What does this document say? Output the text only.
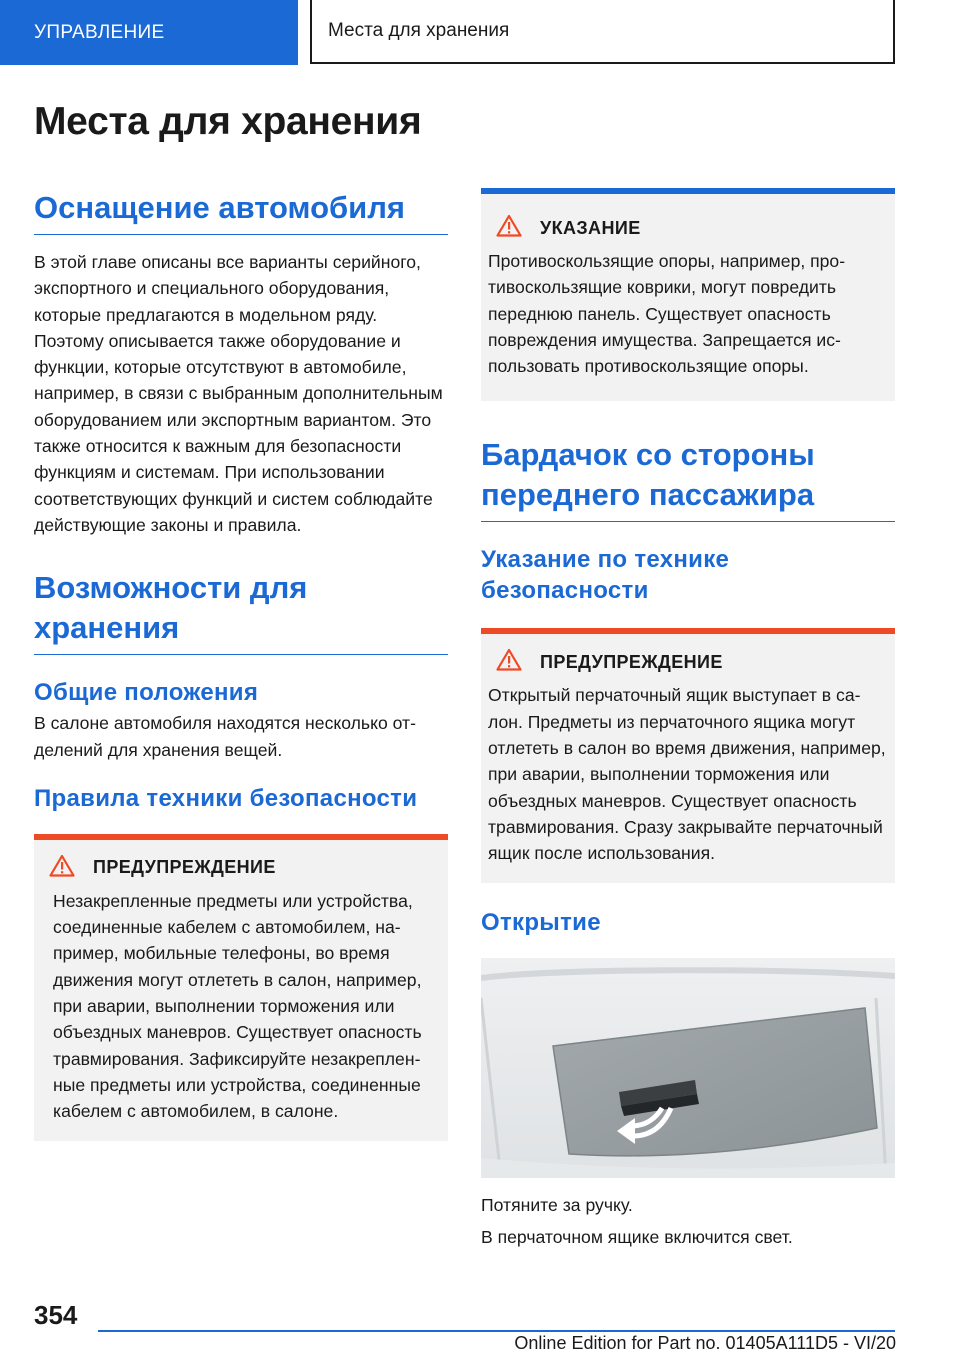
УПРАВЛЕНИЕ	Места для хранения
Места для хранения
Оснащение автомобиля

В этой главе описаны все варианты серийного, экспортного и специального оборудования, которые предлагаются в модельном ряду. Поэтому описывается также оборудование и функции, которые отсутствуют в автомобиле, например, в связи с выбранным дополнительным оборудованием или экспортным вариантом. Это также относится к важным для безопасности функциям и системам. При использовании соответствующих функций и систем соблюдайте действующие законы и правила.

Возможности для хранения
Общие положения

В салоне автомобиля находятся несколько отделений для хранения вещей.

Правила техники безопасности
ПРЕДУПРЕЖДЕНИЕ

Незакрепленные предметы или устройства, соединенные кабелем с автомобилем, например, мобильные телефоны, во время движения могут отлететь в салон, например, при аварии, выполнении торможения или объездных маневров. Существует опасность травмирования. Зафиксируйте незакрепленные предметы или устройства, соединенные кабелем с автомобилем, в салоне.

УКАЗАНИЕ

Противоскользящие опоры, например, противоскользящие коврики, могут повредить переднюю панель. Существует опасность повреждения имущества. Запрещается использовать противоскользящие опоры.

Бардачок со стороны переднего пассажира
Указание по технике безопасности
ПРЕДУПРЕЖДЕНИЕ

Открытый перчаточный ящик выступает в салон. Предметы из перчаточного ящика могут отлететь в салон во время движения, например, при аварии, выполнении торможения или объездных маневров. Существует опасность травмирования. Сразу закрывайте перчаточный ящик после использования.

Открытие

Потяните за ручку.

В перчаточном ящике включится свет.

354
Online Edition for Part no. 01405A111D5 - VI/20
